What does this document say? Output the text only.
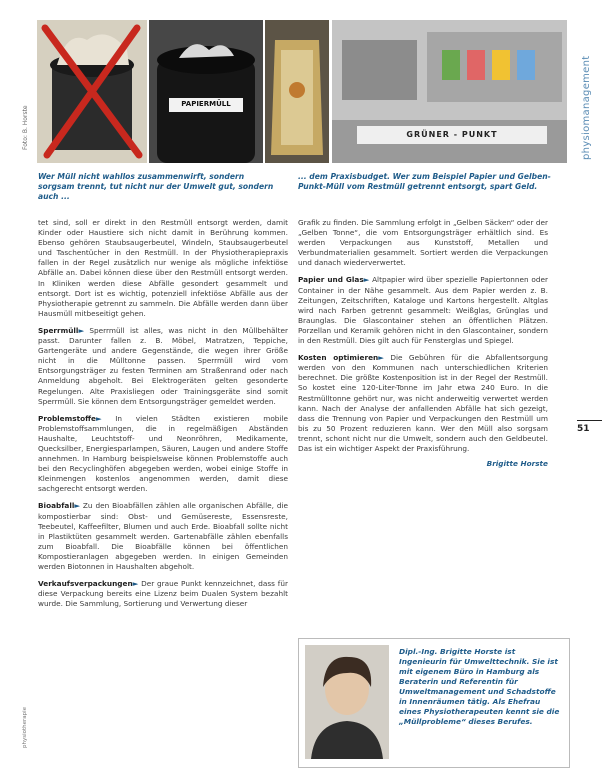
PAPIERMÜLL
GRÜNER - PUNKT
Foto: B. Horste
Wer Müll nicht wahllos zusammenwirft, sondern sorgsam trennt, tut nicht nur der Umwelt gut, sondern auch ...
... dem Praxisbudget. Wer zum Beispiel Papier und Gelben-Punkt-Müll vom Restmüll getrennt entsorgt, spart Geld.

tet sind, soll er direkt in den Restmüll entsorgt werden, damit Kinder oder Haustiere sich nicht damit in Berührung kommen. Ebenso gehören Staubsaugerbeutel, Windeln, Staubsaugerbeutel und Taschentücher in den Restmüll. In der Physiotherapiepraxis fallen in der Regel zusätzlich nur wenige als mögliche infektiöse Abfälle an. Dabei können diese über den Restmüll entsorgt werden. In Kliniken werden diese Abfälle gesondert gesammelt und entsorgt. Dort ist es wichtig, potenziell infektiöse Abfälle aus der Physiotherapie getrennt zu sammeln. Die Abfälle werden dann über Hausmüll mitbeseitigt gehen.

Sperrmüll► Sperrmüll ist alles, was nicht in den Müllbehälter passt. Darunter fallen z. B. Möbel, Matratzen, Teppiche, Gartengeräte und andere Gegenstände, die wegen ihrer Größe nicht in die Mülltonne passen. Sperrmüll wird vom Entsorgungsträger zu festen Terminen am Straßenrand oder nach Anmeldung abgeholt. Bei Elektrogeräten gelten gesonderte Regelungen. Alte Praxisliegen oder Trainingsgeräte sind somit Sperrmüll. Sie können dem Entsorgungsträger gemeldet werden.

Problemstoffe► In vielen Städten existieren mobile Problemstoffsammlungen, die in regelmäßigen Abständen Haushalte, Leuchtstoff- und Neonröhren, Medikamente, Quecksilber, Energiesparlampen, Säuren, Laugen und andere Stoffe annehmen. In Hamburg beispielsweise können Problemstoffe auch bei den Recyclinghöfen abgegeben werden, wobei einige Stoffe in Kleinmengen kostenlos angenommen werden, damit diese sachgerecht entsorgt werden.

Bioabfall► Zu den Bioabfällen zählen alle organischen Abfälle, die kompostierbar sind: Obst- und Gemüsereste, Essensreste, Teebeutel, Kaffeefilter, Blumen und auch Erde. Bioabfall sollte nicht in Plastiktüten gesammelt werden. Gartenabfälle zählen ebenfalls zum Bioabfall. Die Bioabfälle können bei öffentlichen Kompostieranlagen abgegeben werden. In einigen Gemeinden werden Biotonnen in Haushalten abgeholt.

Verkaufsverpackungen► Der graue Punkt kennzeichnet, dass für diese Verpackung bereits eine Lizenz beim Dualen System bezahlt wurde. Die Sammlung, Sortierung und Verwertung dieser

Grafik zu finden. Die Sammlung erfolgt in „Gelben Säcken“ oder der „Gelben Tonne“, die vom Entsorgungsträger erhältlich sind. Es werden Verpackungen aus Kunststoff, Metallen und Verbundmaterialien gesammelt. Sortiert werden die Verpackungen und danach wiederverwertet.

Papier und Glas► Altpapier wird über spezielle Papiertonnen oder Container in der Nähe gesammelt. Aus dem Papier werden z. B. Zeitungen, Zeitschriften, Kataloge und Kartons hergestellt. Altglas wird nach Farben getrennt gesammelt: Weißglas, Grünglas und Braunglas. Die Glascontainer stehen an öffentlichen Plätzen. Porzellan und Keramik gehören nicht in den Glascontainer, sondern in den Restmüll. Dies gilt auch für Fensterglas und Spiegel.

Kosten optimieren► Die Gebühren für die Abfallentsorgung werden von den Kommunen nach unterschiedlichen Kriterien berechnet. Die größte Kostenposition ist in der Regel der Restmüll. So kostet eine 120-Liter-Tonne im Jahr etwa 240 Euro. In die Restmülltonne gehört nur, was nicht anderweitig verwertet werden kann. Nach der Analyse der anfallenden Abfälle hat sich gezeigt, dass die Trennung von Papier und Verpackungen den Restmüll um bis zu 50 Prozent reduzieren kann. Wer den Müll also sorgsam trennt, schont nicht nur die Umwelt, sondern auch den Geldbeutel. Das ist ein wichtiger Aspekt der Praxisführung.

Brigitte Horste
Dipl.-Ing. Brigitte Horste ist Ingenieurin für Umwelttechnik. Sie ist mit eigenem Büro in Hamburg als Beraterin und Referentin für Umweltmanagement und Schadstoffe in Innenräumen tätig. Als Ehefrau eines Physiotherapeuten kennt sie die „Müllprobleme“ dieses Berufes.
physiomanagement
51
physiotherapie
